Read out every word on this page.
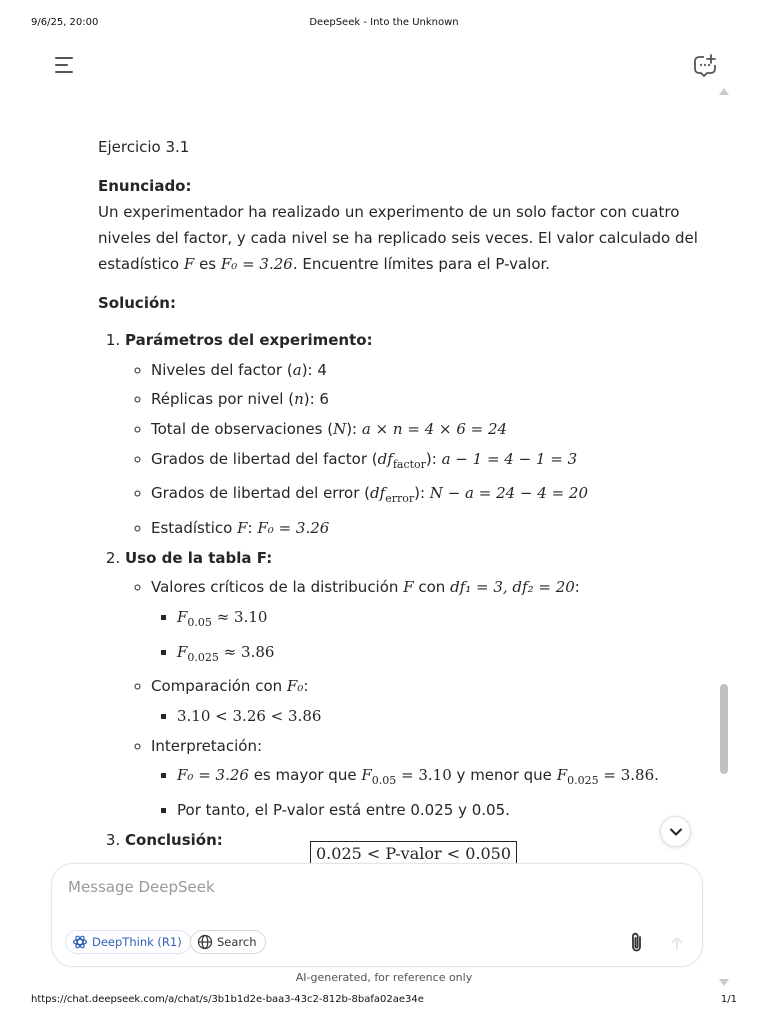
9/6/25, 20:00	DeepSeek - Into the Unknown

Ejercicio 3.1

Enunciado:

Un experimentador ha realizado un experimento de un solo factor con cuatro niveles del factor, y cada nivel se ha replicado seis veces. El valor calculado del estadístico F es F₀ = 3.26. Encuentre límites para el P-valor.

Solución:

1. Parámetros del experimento:
◦ Niveles del factor (a): 4
◦ Réplicas por nivel (n): 6
◦ Total de observaciones (N): a × n = 4 × 6 = 24
◦ Grados de libertad del factor $(df_{factor})$: a − 1 = 4 − 1 = 3
◦ Grados de libertad del error $(df_{error})$: N − a = 24 − 4 = 20
◦ Estadístico F: F₀ = 3.26
2. Uso de la tabla F:
◦ Valores críticos de la distribución F con df₁ = 3, df₂ = 20:
▪ $F_{0.05} \approx 3.10$
▪ $F_{0.025} \approx 3.86$
◦ Comparación con F₀:
▪ 3.10 < 3.26 < 3.86
◦ Interpretación:
▪ F₀ = 3.26 es mayor que $F_{0.05} = 3.10$ y menor que $F_{0.025} = 3.86$.
▪ Por tanto, el P-valor está entre 0.025 y 0.05.
3. Conclusión:
0.025 < P-valor < 0.050
Message DeepSeek
DeepThink (R1)	Search
AI-generated, for reference only
https://chat.deepseek.com/a/chat/s/3b1b1d2e-baa3-43c2-812b-8bafa02ae34e	1/1
